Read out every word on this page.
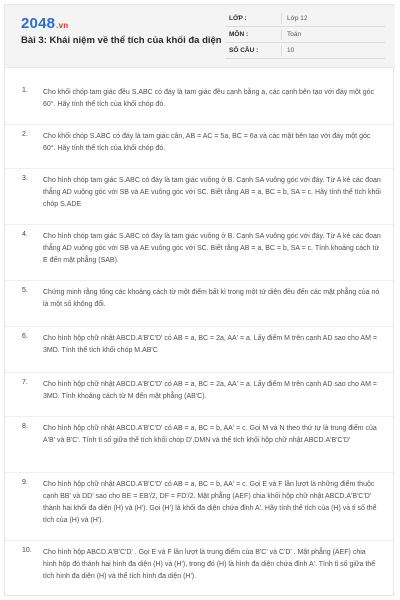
2048.vn
Bài 3: Khái niệm về thể tích của khối đa diện
LỚP :	Lớp 12
MÔN :	Toán
SỐ CÂU :	10
1. Cho khối chóp tam giác đều S.ABC có đáy là tam giác đều cạnh bằng a, các cạnh bên tạo với đáy một góc 60°. Hãy tính thể tích của khối chóp đó.
2. Cho khối chóp S.ABC có đáy là tam giác cân, AB = AC = 5a, BC = 6a và các mặt bên tạo với đáy một góc 60°. Hãy tính thể tích của khối chóp đó.
3. Cho hình chóp tam giác S.ABC có đáy là tam giác vuông ở B. Cạnh SA vuông góc với đáy. Từ A kẻ các đoạn thẳng AD vuông góc với SB và AE vuông góc với SC. Biết rằng AB = a, BC = b, SA = c. Hãy tính thể tích khối chóp S.ADE
4. Cho hình chóp tam giác S.ABC có đáy là tam giác vuông ở B. Cạnh SA vuông góc với đáy. Từ A kẻ các đoạn thẳng AD vuông góc với SB và AE vuông góc với SC. Biết rằng AB = a, BC = b, SA = c. Tính khoảng cách từ E đến mặt phẳng (SAB).
5. Chứng minh rằng tổng các khoảng cách từ một điểm bất kì trong một tứ diện đều đến các mặt phẳng của nó là một số không đổi.
6. Cho hình hộp chữ nhật ABCD.A'B'C'D' có AB = a, BC = 2a, AA' = a. Lấy điểm M trên cạnh AD sao cho AM = 3MD. Tính thể tích khối chóp M.AB'C
7. Cho hình hộp chữ nhật ABCD.A'B'C'D' có AB = a, BC = 2a, AA' = a. Lấy điểm M trên cạnh AD sao cho AM = 3MD. Tính khoảng cách từ M đến mặt phẳng (AB'C).
8. Cho hình hộp chữ nhật ABCD.A'B'C'D' có AB = a, BC = b, AA' = c. Gọi M và N theo thứ tự là trung điểm của A'B' và B'C'. Tính tỉ số giữa thể tích khối chóp D'.DMN và thể tích khối hộp chữ nhật ABCD.A'B'C'D'
9. Cho hình hộp chữ nhật ABCD.A'B'C'D' có AB = a, BC = b, AA' = c. Gọi E và F lần lượt là những điểm thuộc cạnh BB' và DD' sao cho BE = EB'/2, DF = FD'/2. Mặt phẳng (AEF) chia khối hộp chữ nhật ABCD.A'B'C'D' thành hai khối đa diện (H) và (H'). Gọi (H') là khối đa diện chứa đỉnh A'. Hãy tính thể tích của (H) và tỉ số thể tích của (H) và (H').
10. Cho hình hộp ABCD.A'B'C'D' . Gọi E và F lần lượt là trung điểm của B'C' và C'D' . Mặt phẳng (AEF) chia hình hộp đó thành hai hình đa diện (H) và (H'), trong đó (H) là hình đa diện chứa đỉnh A'. Tính tỉ số giữa thể tích hình đa diện (H) và thể tích hình đa diện (H').
